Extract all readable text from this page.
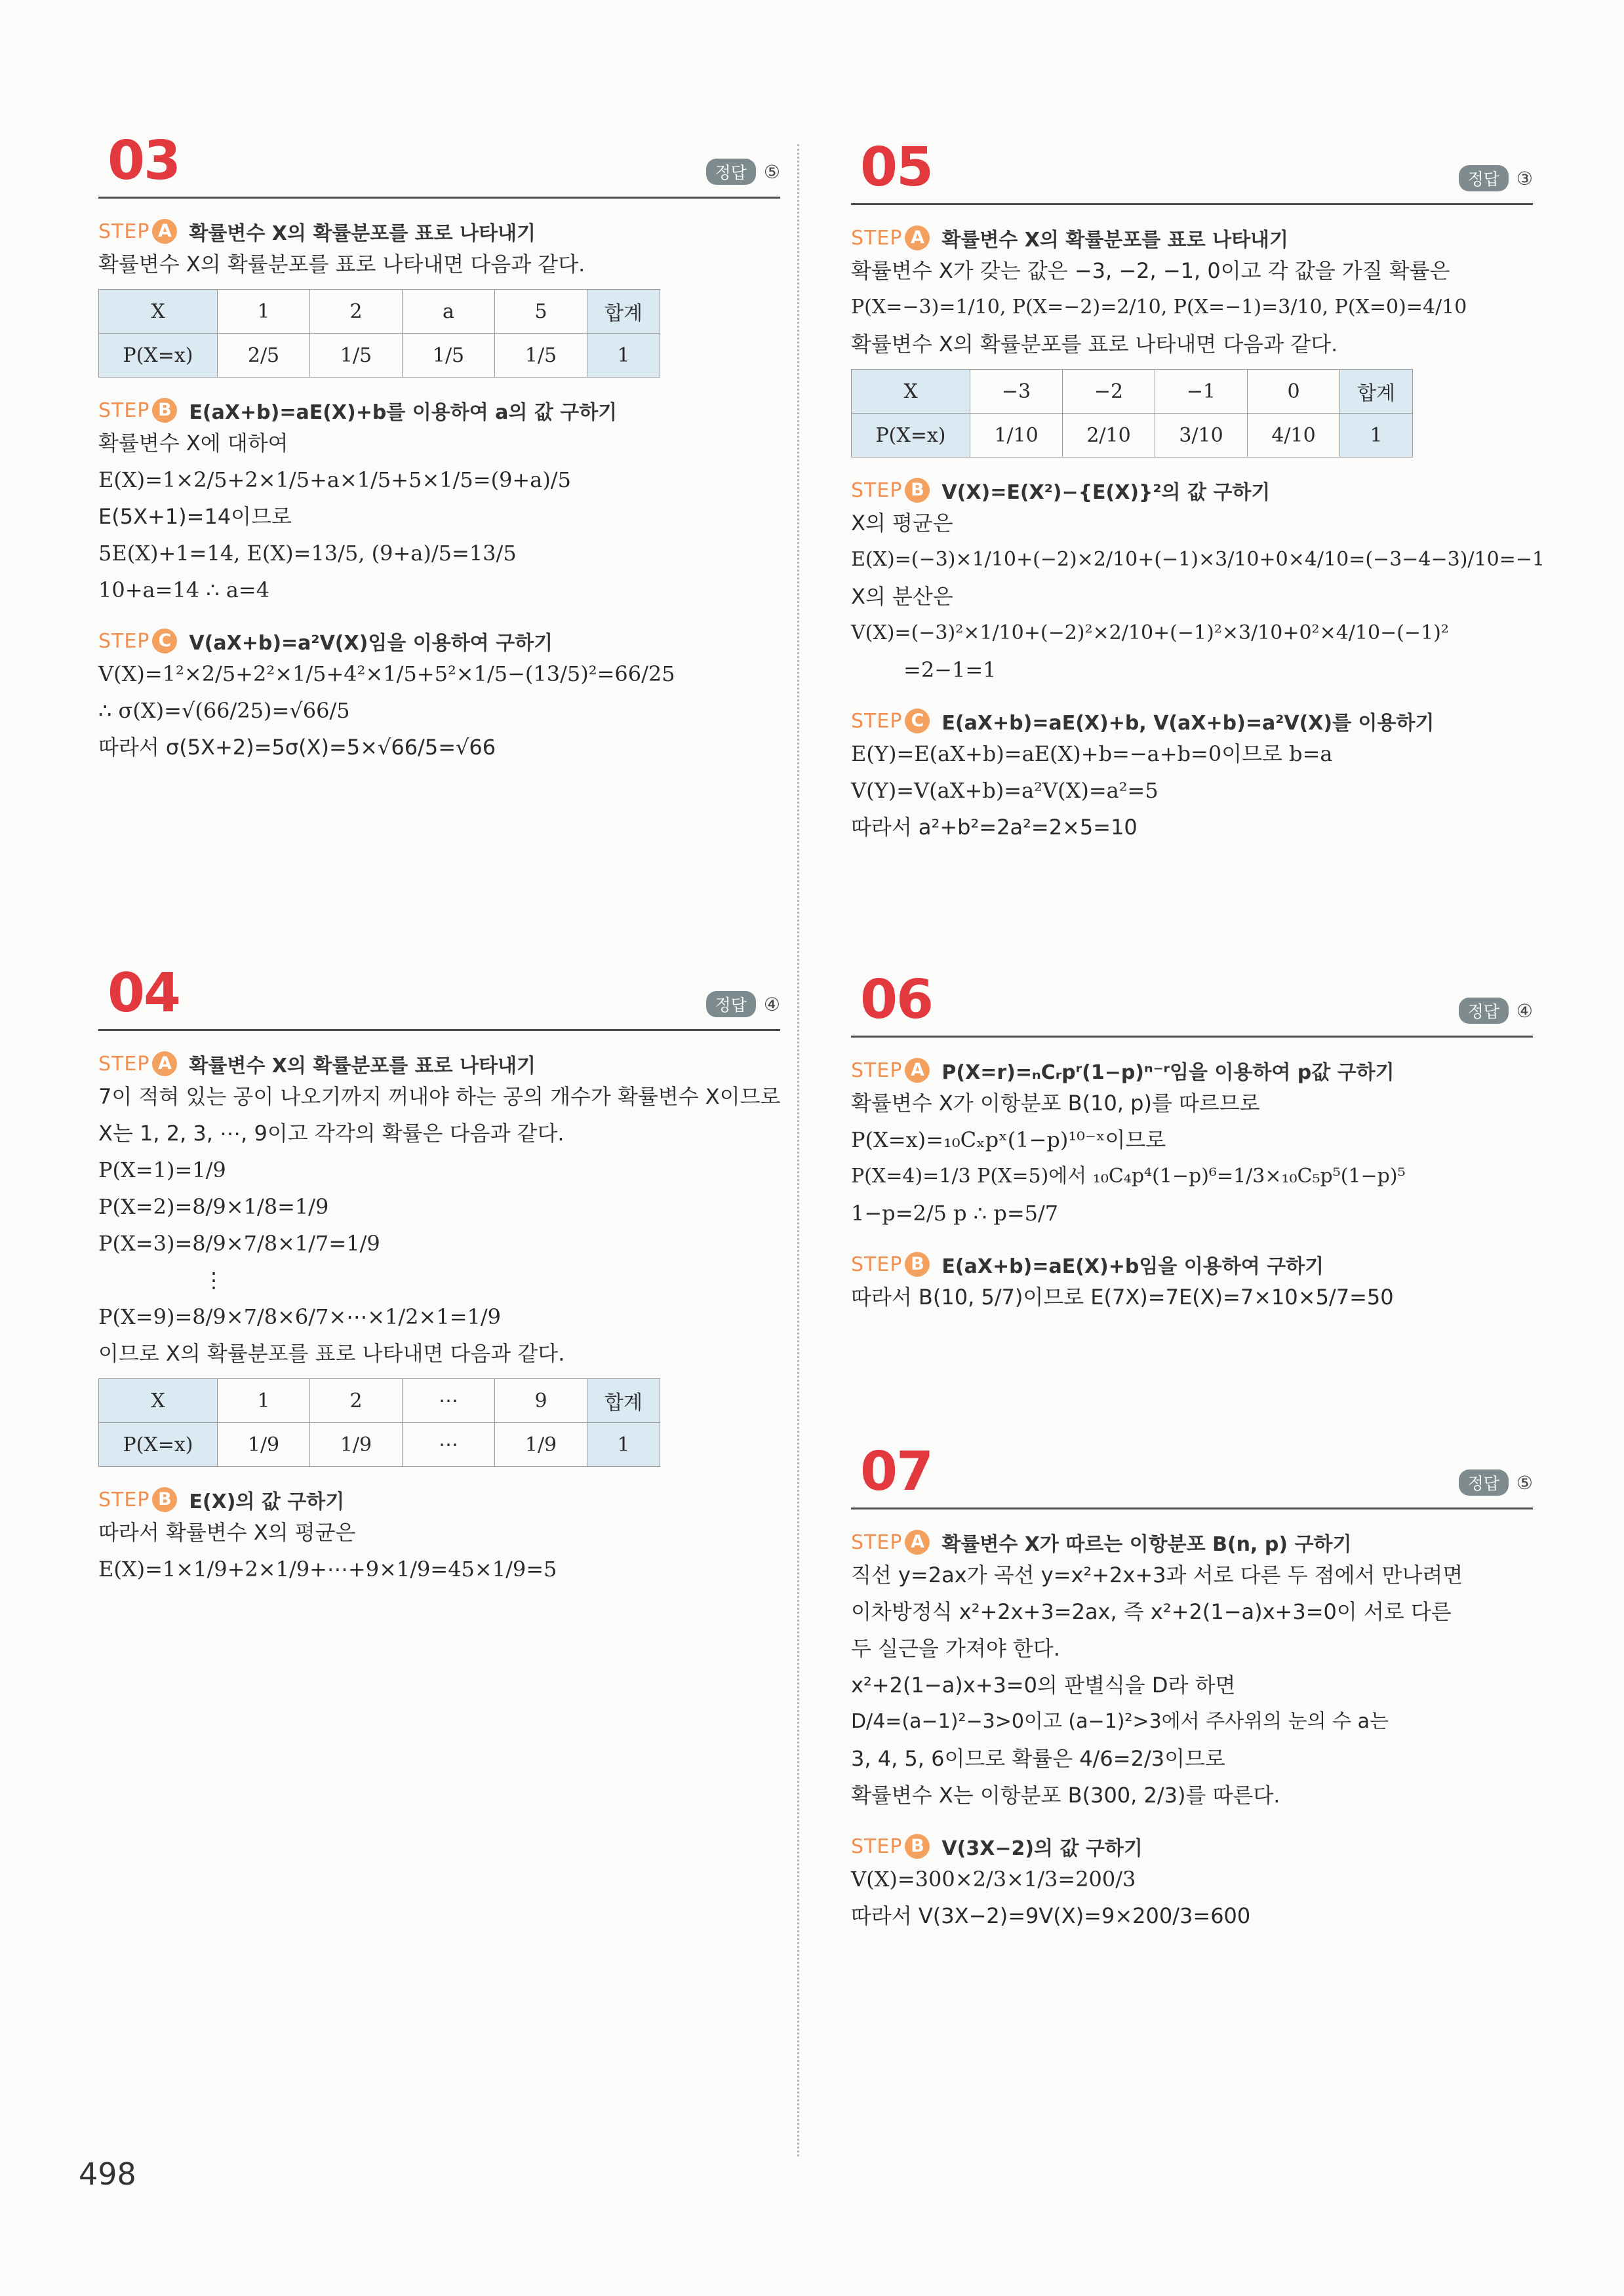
03	정답 ⑤
STEP A 확률변수 X의 확률분포를 표로 나타내기
확률변수 X의 확률분포를 표로 나타내면 다음과 같다.
X	1	2	a	5	합계
P(X=x)	2/5	1/5	1/5	1/5	1
STEP B E(aX+b)=aE(X)+b를 이용하여 a의 값 구하기
확률변수 X에 대하여
E(X)=1×2/5+2×1/5+a×1/5+5×1/5=(9+a)/5
E(5X+1)=14이므로
5E(X)+1=14, E(X)=13/5, (9+a)/5=13/5
10+a=14 ∴ a=4
STEP C V(aX+b)=a²V(X)임을 이용하여 구하기
V(X)=1²×2/5+2²×1/5+4²×1/5+5²×1/5−(13/5)²=66/25
∴ σ(X)=√(66/25)=√66/5
따라서 σ(5X+2)=5σ(X)=5×√66/5=√66
04	정답 ④
STEP A 확률변수 X의 확률분포를 표로 나타내기
7이 적혀 있는 공이 나오기까지 꺼내야 하는 공의 개수가 확률변수 X이므로
X는 1, 2, 3, ⋯, 9이고 각각의 확률은 다음과 같다.
P(X=1)=1/9
P(X=2)=8/9×1/8=1/9
P(X=3)=8/9×7/8×1/7=1/9
⋮
P(X=9)=8/9×7/8×6/7×⋯×1/2×1=1/9
이므로 X의 확률분포를 표로 나타내면 다음과 같다.
X	1	2	⋯	9	합계
P(X=x)	1/9	1/9	⋯	1/9	1
STEP B E(X)의 값 구하기
따라서 확률변수 X의 평균은
E(X)=1×1/9+2×1/9+⋯+9×1/9=45×1/9=5
05	정답 ③
STEP A 확률변수 X의 확률분포를 표로 나타내기
확률변수 X가 갖는 값은 −3, −2, −1, 0이고 각 값을 가질 확률은
P(X=−3)=1/10, P(X=−2)=2/10, P(X=−1)=3/10, P(X=0)=4/10
확률변수 X의 확률분포를 표로 나타내면 다음과 같다.
X	−3	−2	−1	0	합계
P(X=x)	1/10	2/10	3/10	4/10	1
STEP B V(X)=E(X²)−{E(X)}²의 값 구하기
X의 평균은
E(X)=(−3)×1/10+(−2)×2/10+(−1)×3/10+0×4/10=(−3−4−3)/10=−1
X의 분산은
V(X)=(−3)²×1/10+(−2)²×2/10+(−1)²×3/10+0²×4/10−(−1)²
=2−1=1
STEP C E(aX+b)=aE(X)+b, V(aX+b)=a²V(X)를 이용하기
E(Y)=E(aX+b)=aE(X)+b=−a+b=0이므로 b=a
V(Y)=V(aX+b)=a²V(X)=a²=5
따라서 a²+b²=2a²=2×5=10
06	정답 ④
STEP A P(X=r)=ₙCᵣpʳ(1−p)ⁿ⁻ʳ임을 이용하여 p값 구하기
확률변수 X가 이항분포 B(10, p)를 따르므로
P(X=x)=₁₀Cₓpˣ(1−p)¹⁰⁻ˣ이므로
P(X=4)=1/3 P(X=5)에서 ₁₀C₄p⁴(1−p)⁶=1/3×₁₀C₅p⁵(1−p)⁵
1−p=2/5 p ∴ p=5/7
STEP B E(aX+b)=aE(X)+b임을 이용하여 구하기
따라서 B(10, 5/7)이므로 E(7X)=7E(X)=7×10×5/7=50
07	정답 ⑤
STEP A 확률변수 X가 따르는 이항분포 B(n, p) 구하기
직선 y=2ax가 곡선 y=x²+2x+3과 서로 다른 두 점에서 만나려면
이차방정식 x²+2x+3=2ax, 즉 x²+2(1−a)x+3=0이 서로 다른
두 실근을 가져야 한다.
x²+2(1−a)x+3=0의 판별식을 D라 하면
D/4=(a−1)²−3>0이고 (a−1)²>3에서 주사위의 눈의 수 a는
3, 4, 5, 6이므로 확률은 4/6=2/3이므로
확률변수 X는 이항분포 B(300, 2/3)를 따른다.
STEP B V(3X−2)의 값 구하기
V(X)=300×2/3×1/3=200/3
따라서 V(3X−2)=9V(X)=9×200/3=600
498
